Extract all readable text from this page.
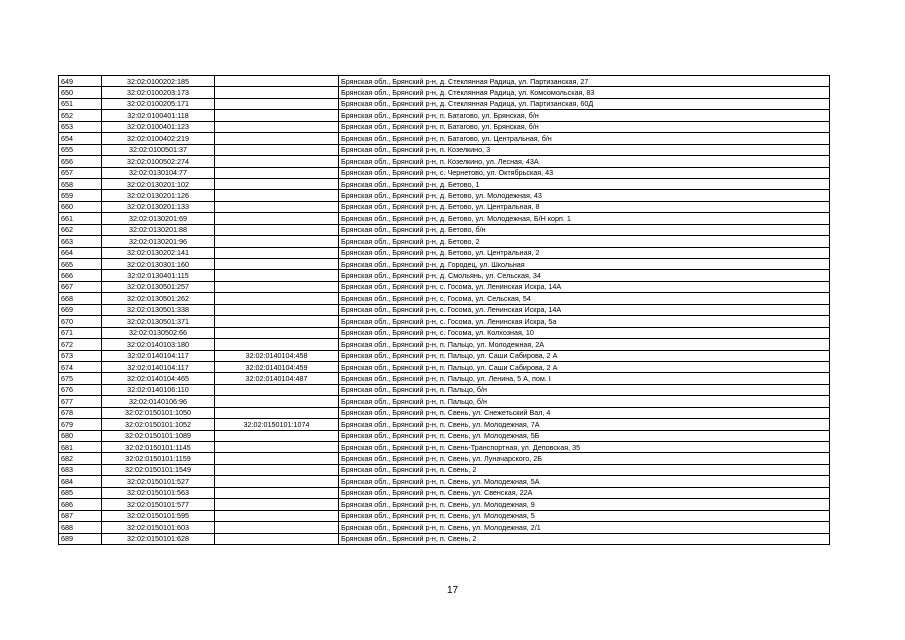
649	32:02:0100202:185		Брянская обл., Брянский р-н, д. Стеклянная Радица, ул. Партизанская, 27
650	32:02:0100203:173		Брянская обл., Брянский р-н, д. Стеклянная Радица, ул. Комсомольская, 83
651	32:02:0100205:171		Брянская обл., Брянский р-н, д. Стеклянная Радица, ул. Партизанская, 60Д
652	32:02:0100401:118		Брянская обл., Брянский р-н, п. Батагово, ул. Брянская, б/н
653	32:02:0100401:123		Брянская обл., Брянский р-н, п. Батагово, ул. Брянская, б/н
654	32:02:0100402:219		Брянская обл., Брянский р-н, п. Батагово, ул. Центральная, б/н
655	32:02:0100501:37		Брянская обл., Брянский р-н, п. Козелкино, 3
656	32:02:0100502:274		Брянская обл., Брянский р-н, п. Козелкино, ул. Лесная, 43А
657	32:02:0130104:77		Брянская обл., Брянский р-н, с. Чернетово, ул. Октябрьская, 43
658	32:02:0130201:102		Брянская обл., Брянский р-н, д. Бетово, 1
659	32:02:0130201:126		Брянская обл., Брянский р-н, д. Бетово, ул. Молодежная, 43
660	32:02:0130201:133		Брянская обл., Брянский р-н, д. Бетово, ул. Центральная, 8
661	32:02:0130201:69		Брянская обл., Брянский р-н, д. Бетово, ул. Молодежная, Б/Н корп. 1
662	32:02:0130201:88		Брянская обл., Брянский р-н, д. Бетово, б/н
663	32:02:0130201:96		Брянская обл., Брянский р-н, д. Бетово, 2
664	32:02:0130202:141		Брянская обл., Брянский р-н, д. Бетово, ул. Центральная, 2
665	32:02:0130301:160		Брянская обл., Брянский р-н, д. Городец, ул. Школьная
666	32:02:0130401:115		Брянская обл., Брянский р-н, д. Смольянь, ул. Сельская, 34
667	32:02:0130501:257		Брянская обл., Брянский р-н, с. Госома, ул. Ленинская Искра, 14А
668	32:02:0130501:262		Брянская обл., Брянский р-н, с. Госома, ул. Сельская, 54
669	32:02:0130501:338		Брянская обл., Брянский р-н, с. Госома, ул. Ленинская Искра, 14А
670	32:02:0130501:371		Брянская обл., Брянский р-н, с. Госома, ул. Ленинская Искра, 5а
671	32:02:0130502:66		Брянская обл., Брянский р-н, с. Госома, ул. Колхозная, 10
672	32:02:0140103:180		Брянская обл., Брянский р-н, п. Пальцо, ул. Молодежная, 2А
673	32:02:0140104:117	32:02:0140104:458	Брянская обл., Брянский р-н, п. Пальцо, ул. Саши Сабирова, 2 А
674	32:02:0140104:117	32:02:0140104:459	Брянская обл., Брянский р-н, п. Пальцо, ул. Саши Сабирова, 2 А
675	32:02:0140104:465	32:02:0140104:487	Брянская обл., Брянский р-н, п. Пальцо, ул. Ленина, 5 А, пом. I
676	32:02:0140106:110		Брянская обл., Брянский р-н, п. Пальцо, б/н
677	32:02:0140106:96		Брянская обл., Брянский р-н, п. Пальцо, б/н
678	32:02:0150101:1050		Брянская обл., Брянский р-н, п. Свень, ул. Снежетьский Вал, 4
679	32:02:0150101:1052	32:02:0150101:1074	Брянская обл., Брянский р-н, п. Свень, ул. Молодежная, 7А
680	32:02:0150101:1089		Брянская обл., Брянский р-н, п. Свень, ул. Молодежная, 5Б
681	32:02:0150101:1145		Брянская обл., Брянский р-н, п. Свень-Транспортная, ул. Деповская, 35
682	32:02:0150101:1159		Брянская обл., Брянский р-н, п. Свень, ул. Луначарского, 2Б
683	32:02:0150101:1549		Брянская обл., Брянский р-н, п. Свень, 2
684	32:02:0150101:527		Брянская обл., Брянский р-н, п. Свень, ул. Молодежная, 5А
685	32:02:0150101:563		Брянская обл., Брянский р-н, п. Свень, ул. Свенская, 22А
686	32:02:0150101:577		Брянская обл., Брянский р-н, п. Свень, ул. Молодежная, 9
687	32:02:0150101:595		Брянская обл., Брянский р-н, п. Свень, ул. Молодежная, 5
688	32:02:0150101:603		Брянская обл., Брянский р-н, п. Свень, ул. Молодежная, 2/1
689	32:02:0150101:628		Брянская обл., Брянский р-н, п. Свень, 2
17
